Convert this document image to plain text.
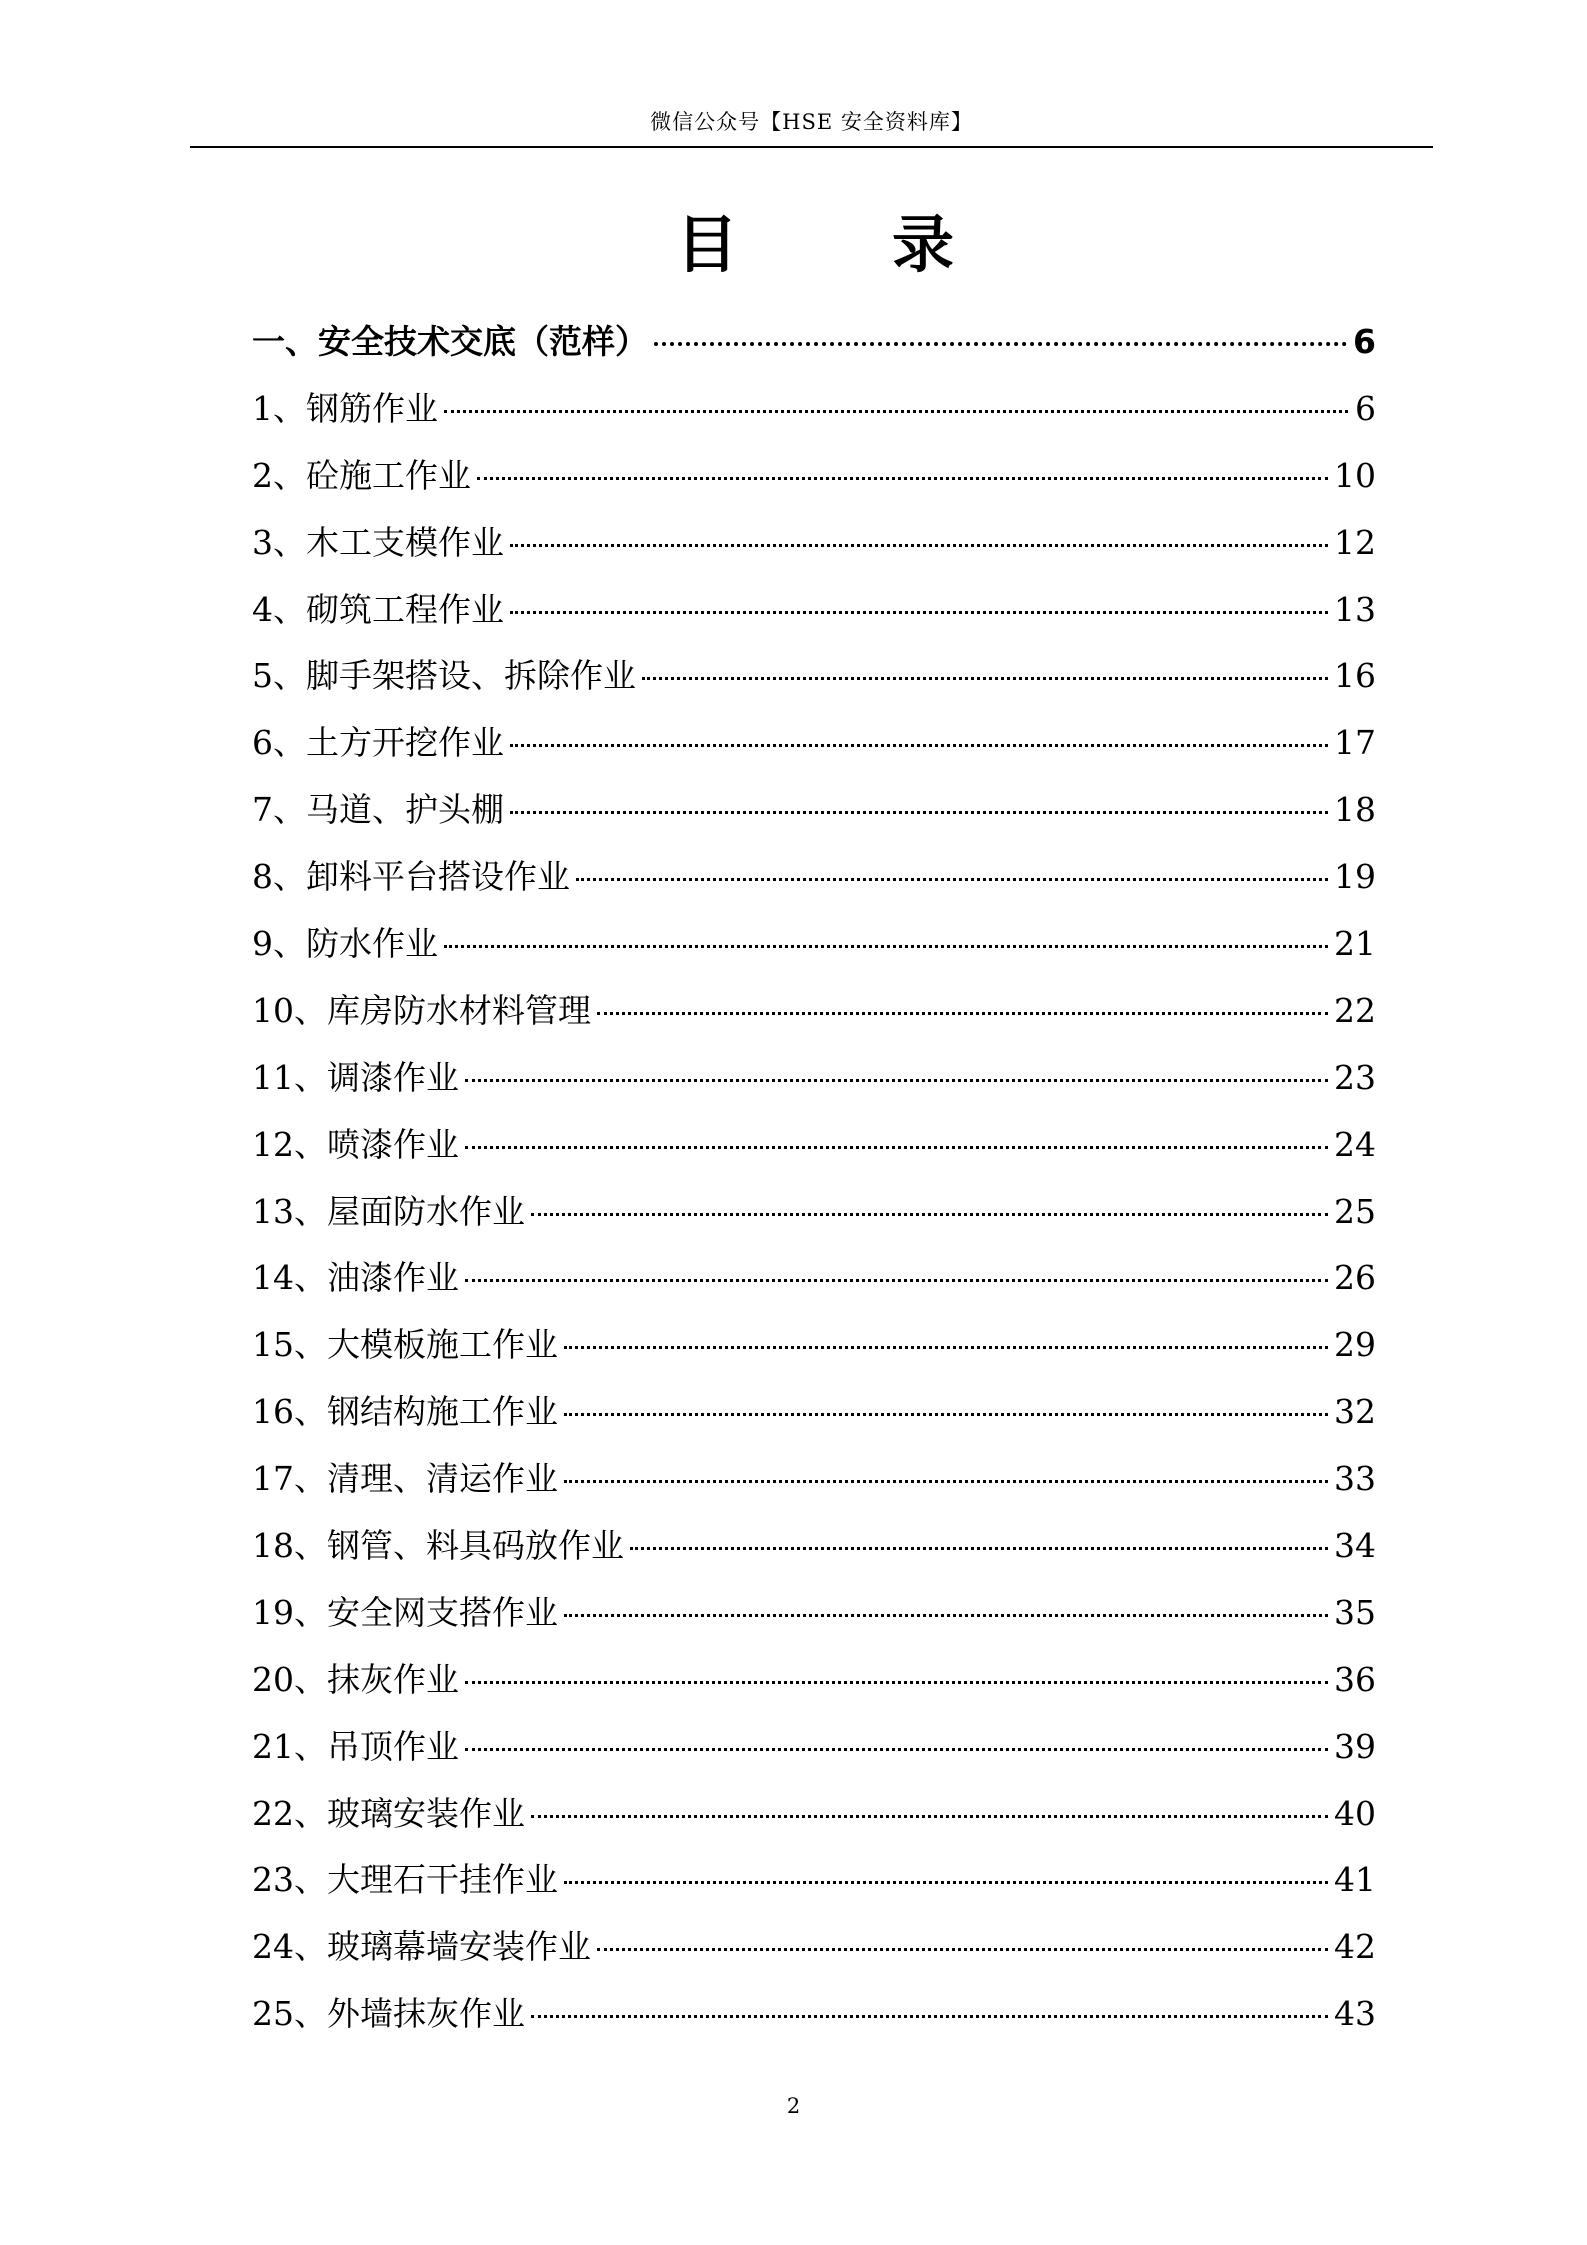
微信公众号【HSE 安全资料库】
目 录
一、安全技术交底（范样）	6
1、钢筋作业	6
2、砼施工作业	10
3、木工支模作业	12
4、砌筑工程作业	13
5、脚手架搭设、拆除作业	16
6、土方开挖作业	17
7、马道、护头棚	18
8、卸料平台搭设作业	19
9、防水作业	21
10、库房防水材料管理	22
11、调漆作业	23
12、喷漆作业	24
13、屋面防水作业	25
14、油漆作业	26
15、大模板施工作业	29
16、钢结构施工作业	32
17、清理、清运作业	33
18、钢管、料具码放作业	34
19、安全网支搭作业	35
20、抹灰作业	36
21、吊顶作业	39
22、玻璃安装作业	40
23、大理石干挂作业	41
24、玻璃幕墙安装作业	42
25、外墙抹灰作业	43
2
